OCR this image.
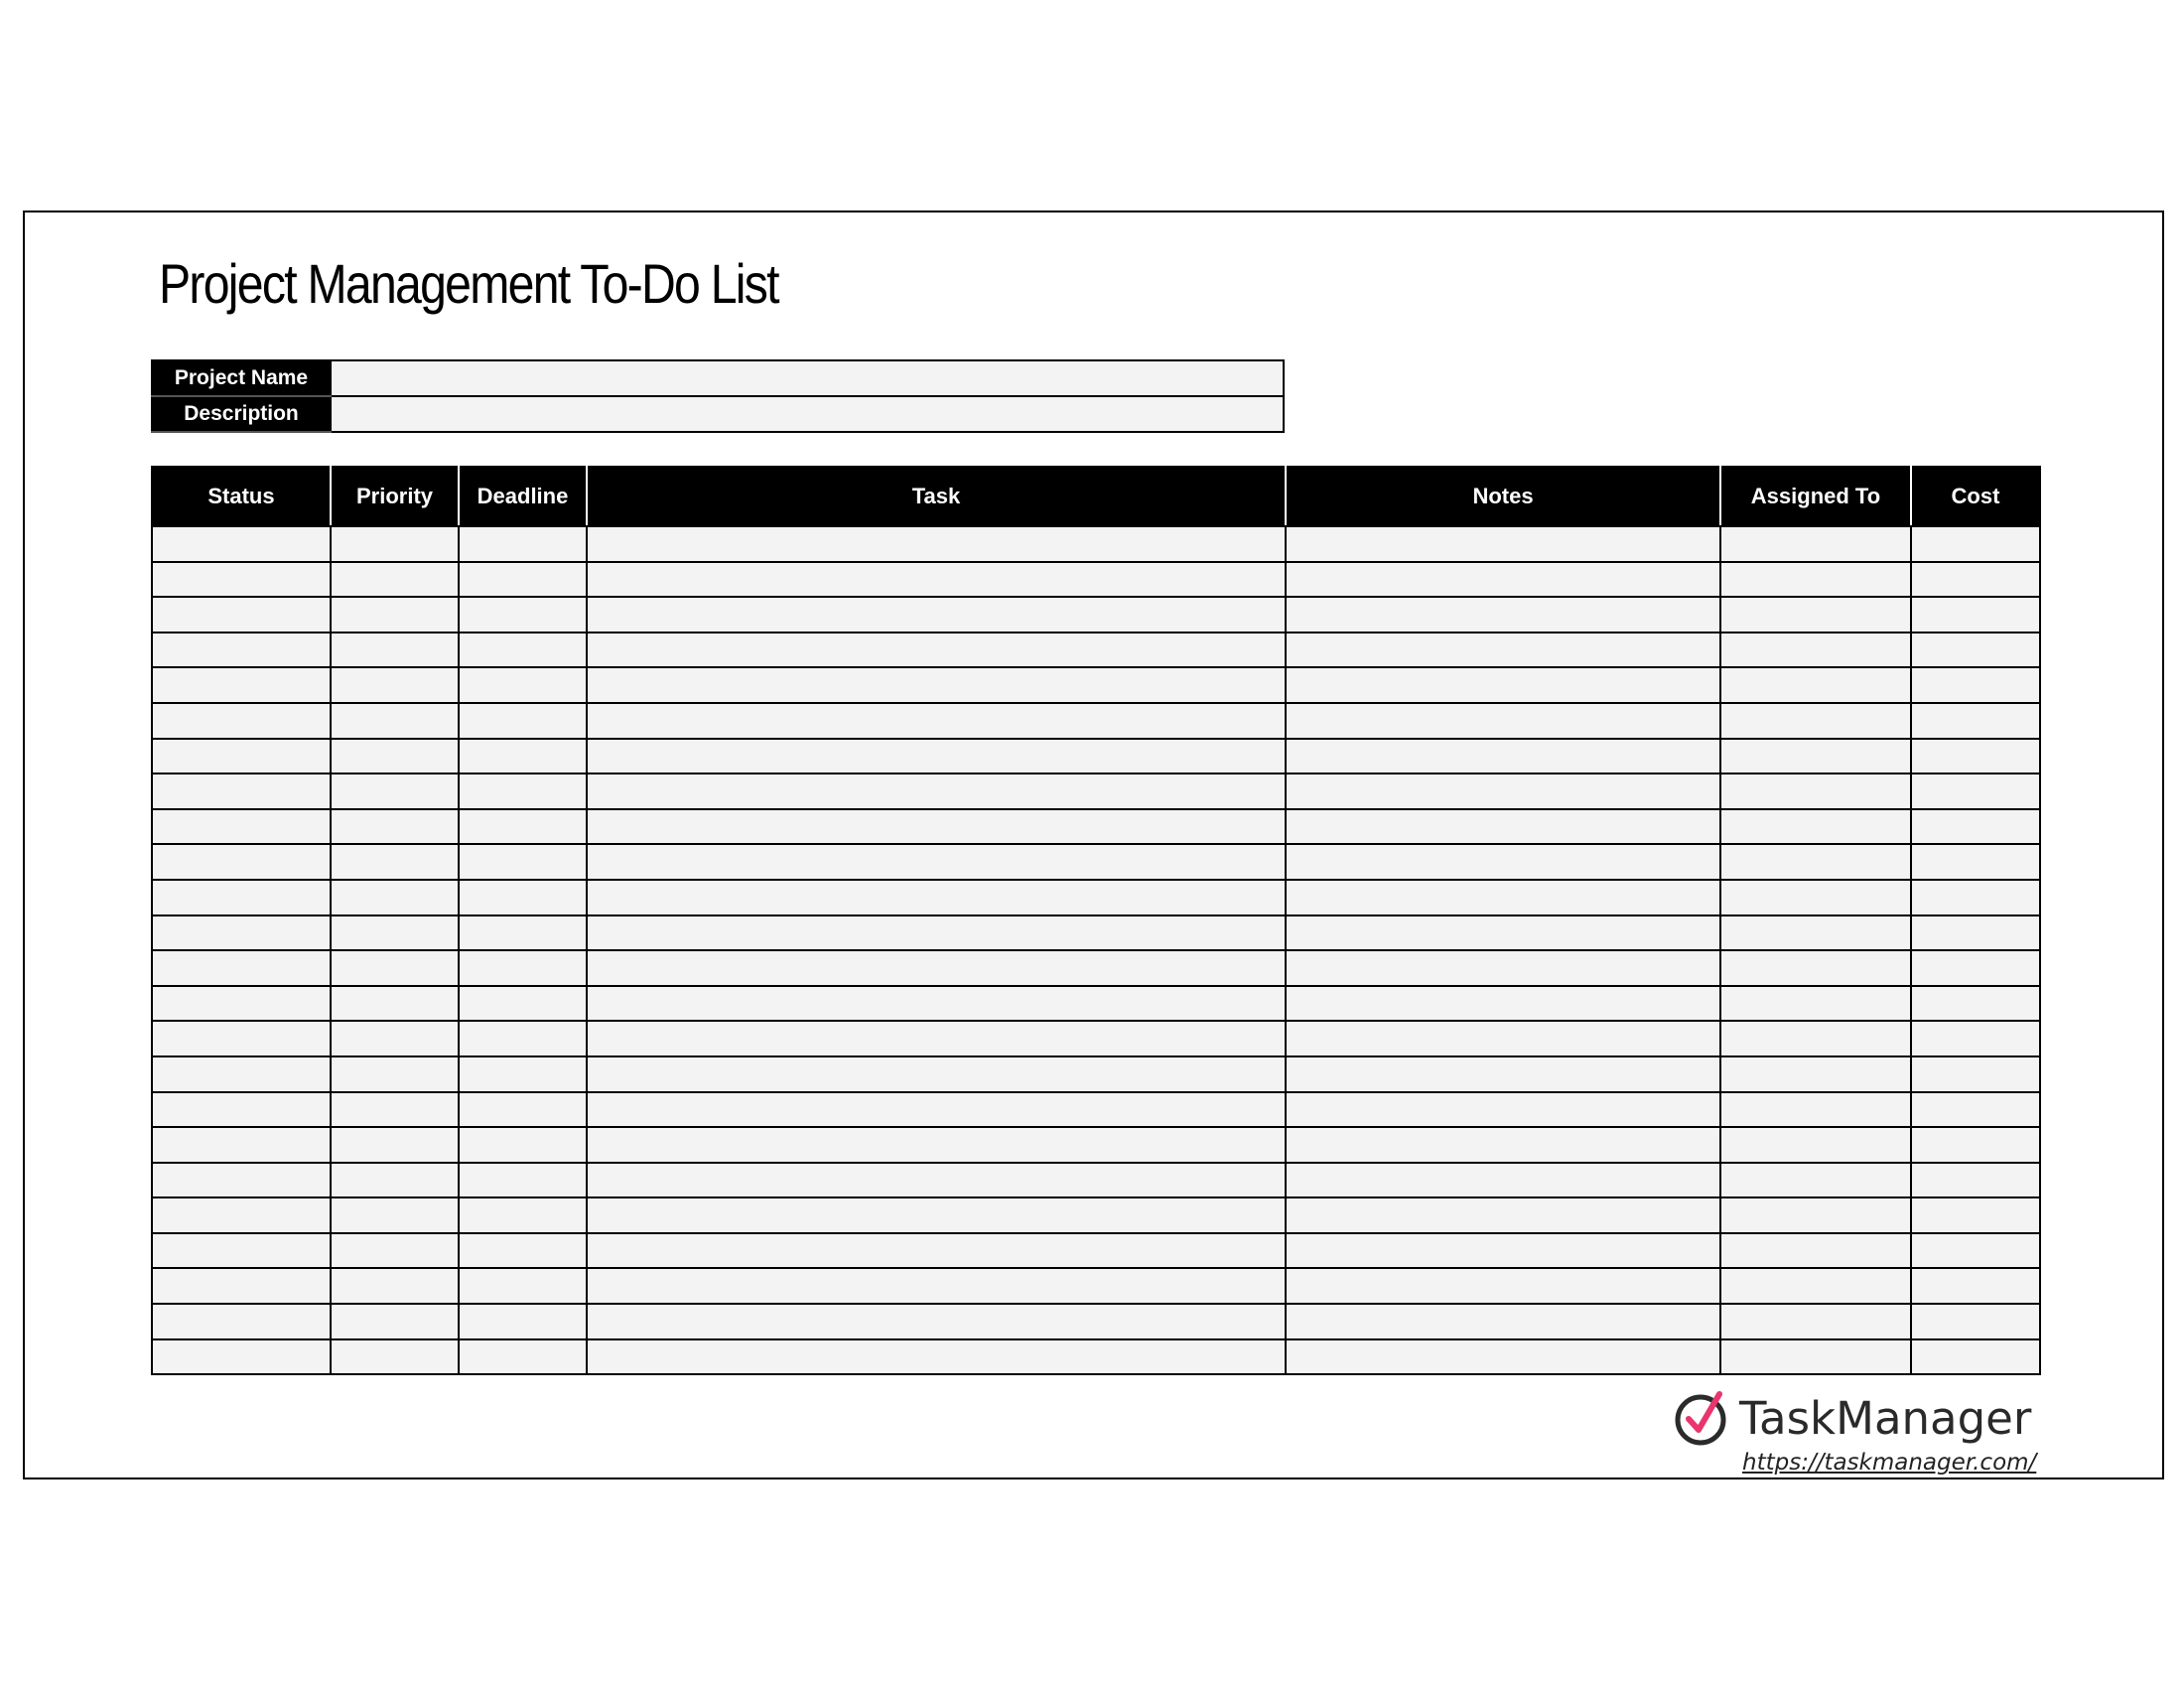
Project Management To-Do List
Project Name	
Description	
Status	Priority	Deadline	Task	Notes	Assigned To	Cost

TaskManager
https://taskmanager.com/
